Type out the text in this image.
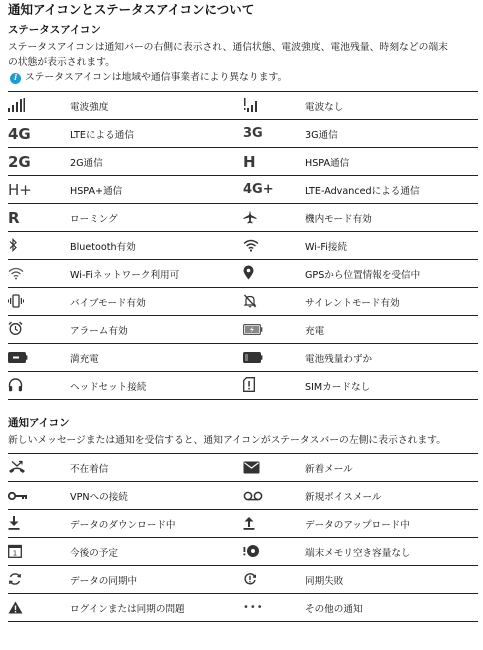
通知アイコンとステータスアイコンについて
ステータスアイコン

ステータスアイコンは通知バーの右側に表示され、通信状態、電波強度、電池残量、時刻などの端末

の状態が表示されます。

i ステータスアイコンは地域や通信事業者により異なります。
	電波強度		電波なし
4G	LTEによる通信	3G	3G通信
2G	2G通信	H	HSPA通信
H+	HSPA+通信	4G+	LTE-Advancedによる通信
R	ローミング		機内モード有効

	Bluetooth有効		Wi-Fi接続

	Wi-Fiネットワーク利用可		GPSから位置情報を受信中

	バイブモード有効		サイレントモード有効

	アラーム有効		充電

	満充電		電池残量わずか

	ヘッドセット接続		SIMカードなし
通知アイコン

新しいメッセージまたは通知を受信すると、通知アイコンがステータスバーの左側に表示されます。

	不在着信		新着メール

	VPNへの接続		新規ボイスメール

	データのダウンロード中		データのアップロード中

1	今後の予定		端末メモリ空き容量なし

	データの同期中		同期失敗

	ログインまたは同期の問題	•••	その他の通知
